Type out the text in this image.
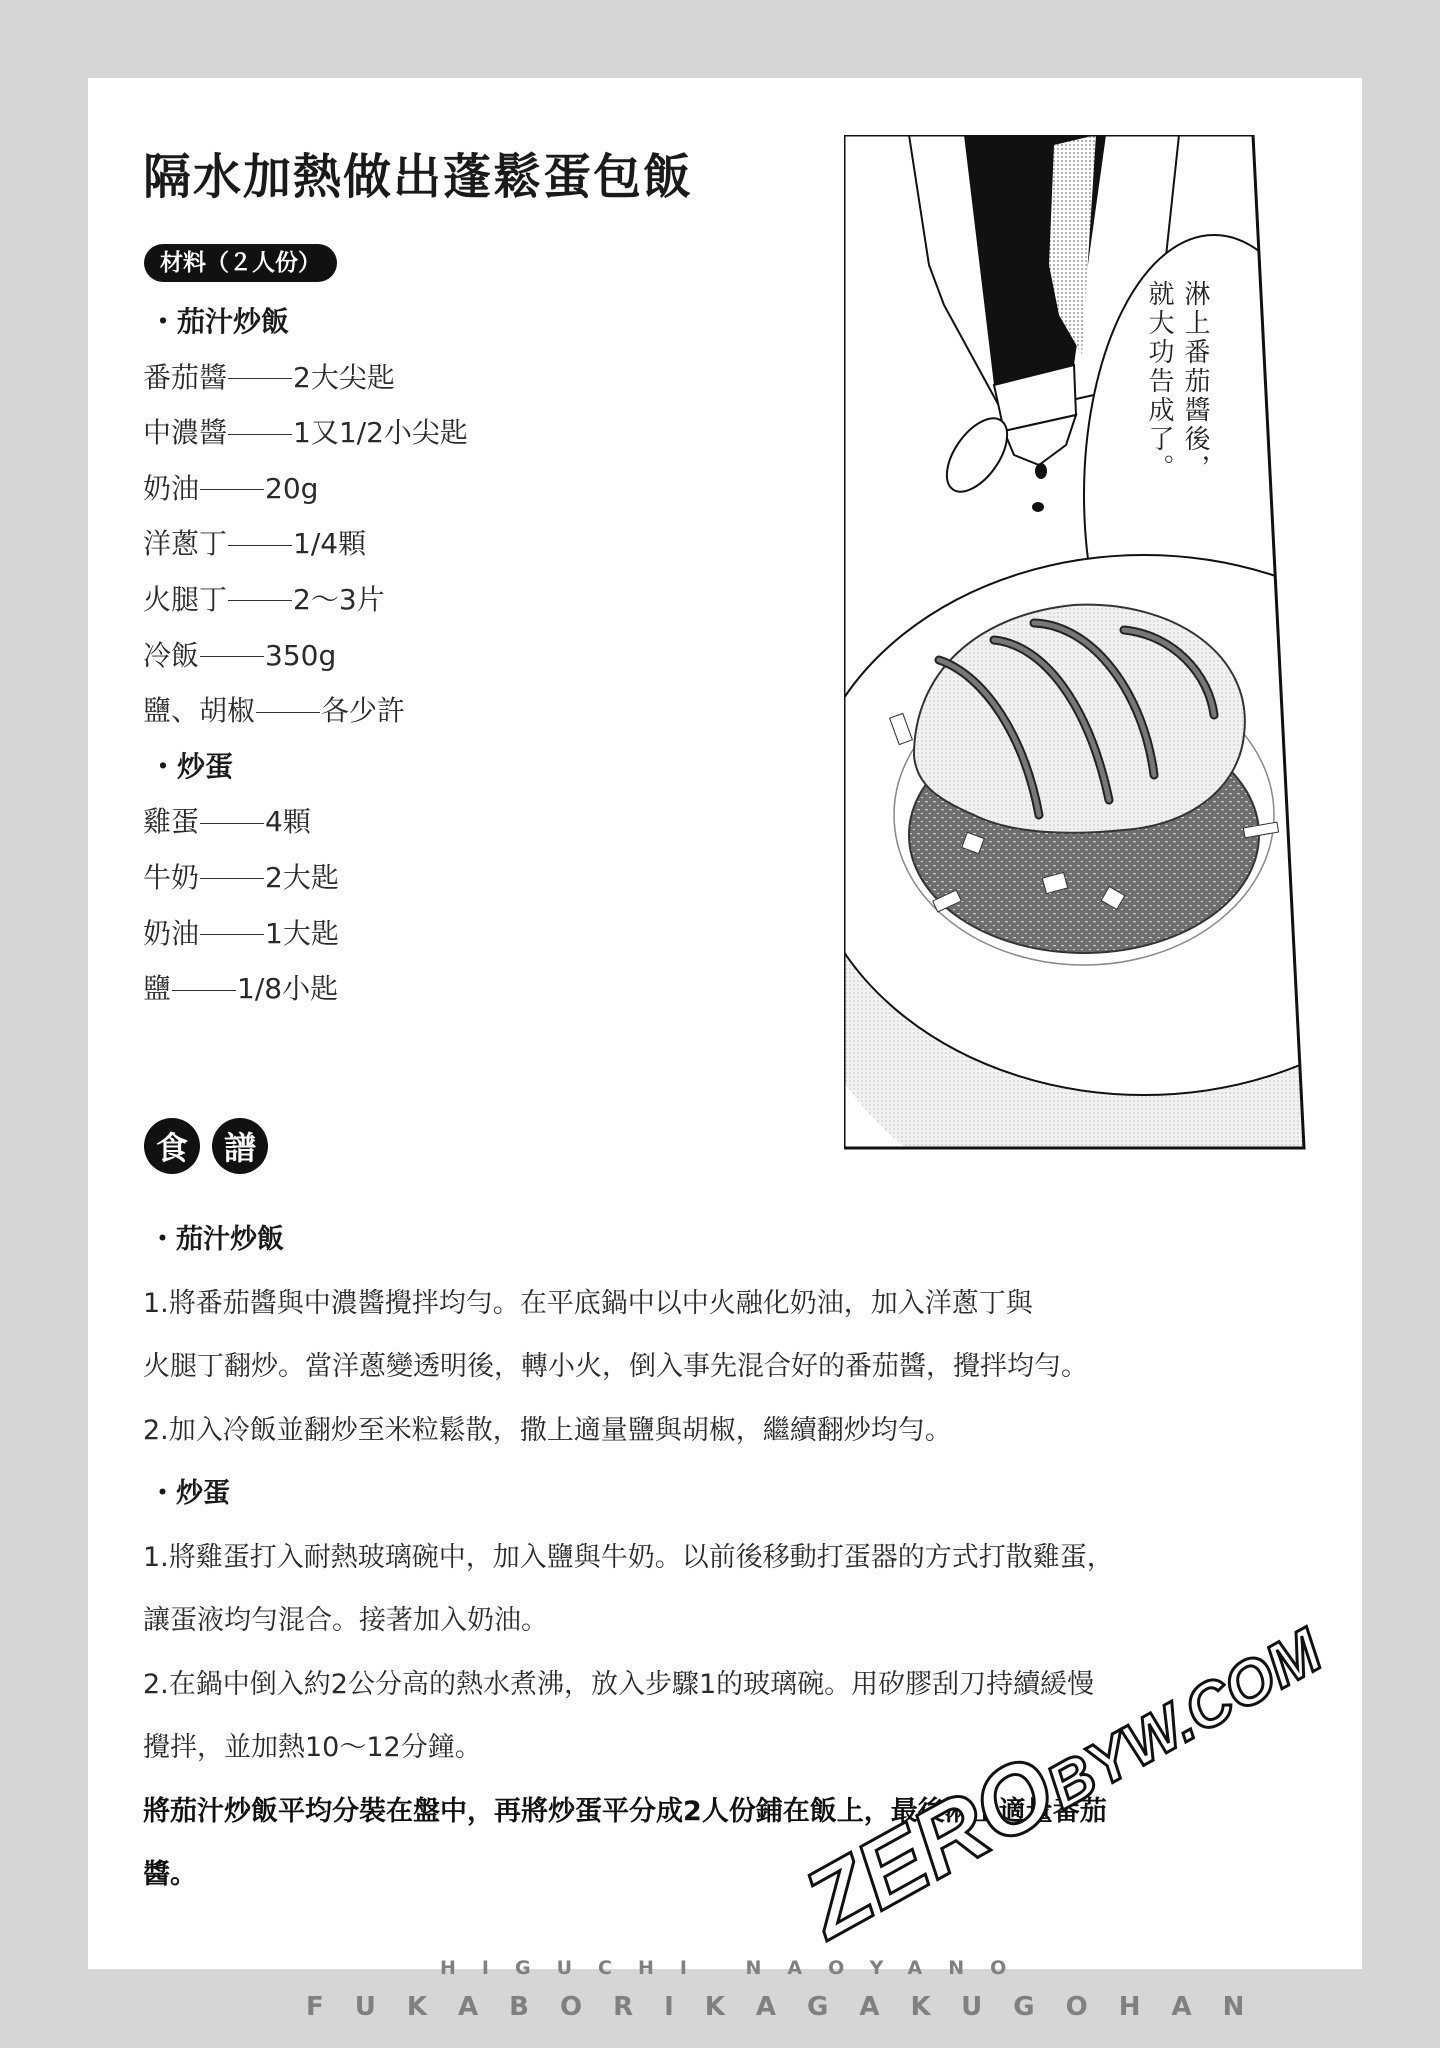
隔水加熱做出蓬鬆蛋包飯
材料（２人份）
・茄汁炒飯
番茄醬 2大尖匙
中濃醬 1又1/2小尖匙
奶油 20g
洋蔥丁 1/4顆
火腿丁 2～3片
冷飯 350g
鹽、胡椒 各少許
・炒蛋
雞蛋 4顆
牛奶 2大匙
奶油 1大匙
鹽 1/8小匙
食	譜
・茄汁炒飯
1.將番茄醬與中濃醬攪拌均勻。在平底鍋中以中火融化奶油，加入洋蔥丁與
火腿丁翻炒。當洋蔥變透明後，轉小火，倒入事先混合好的番茄醬，攪拌均勻。
2.加入冷飯並翻炒至米粒鬆散，撒上適量鹽與胡椒，繼續翻炒均勻。
・炒蛋
1.將雞蛋打入耐熱玻璃碗中，加入鹽與牛奶。以前後移動打蛋器的方式打散雞蛋，
讓蛋液均勻混合。接著加入奶油。
2.在鍋中倒入約2公分高的熱水煮沸，放入步驟1的玻璃碗。用矽膠刮刀持續緩慢
攪拌，並加熱10～12分鐘。
將茄汁炒飯平均分裝在盤中，再將炒蛋平分成2人份鋪在飯上，最後淋上適量番茄
醬。
淋上番茄醬後，
就大功告成了。
HIGUCHI NAOYANO
FUKABORIKAGAKUGOHAN
ZEROBYW.COM
